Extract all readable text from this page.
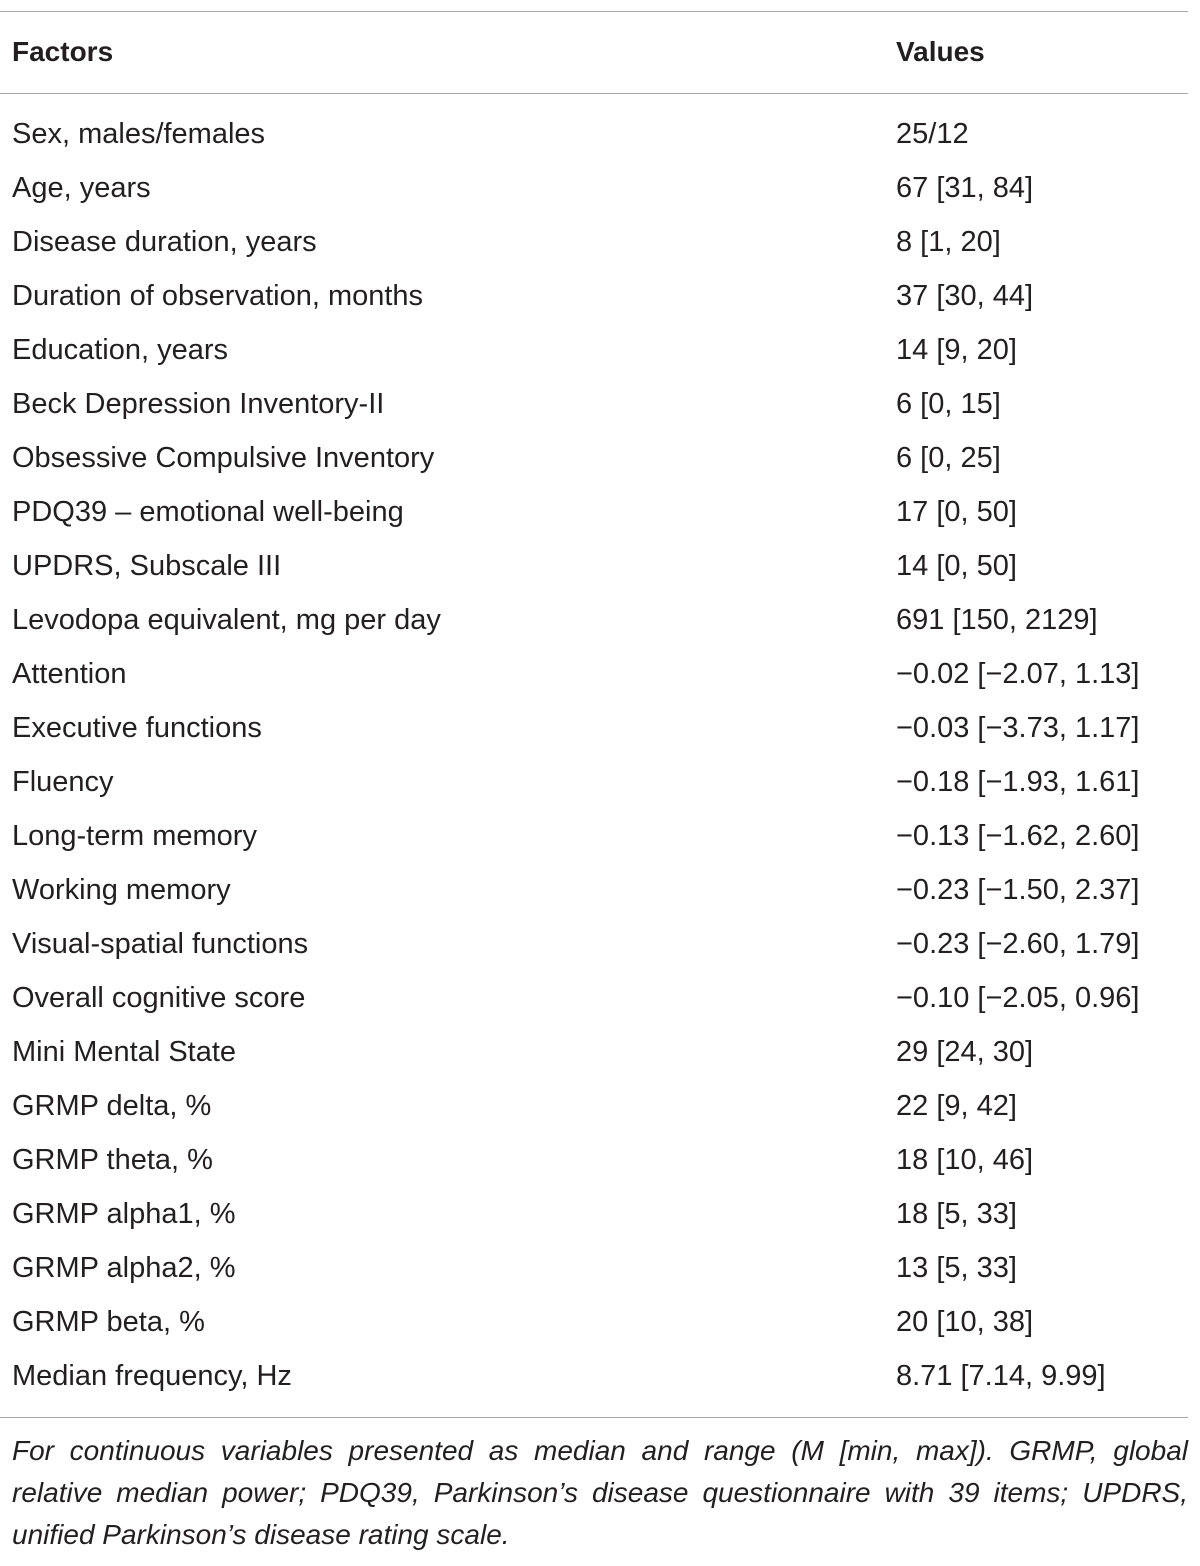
Factors	Values
Sex, males/females	25/12
Age, years	67 [31, 84]
Disease duration, years	8 [1, 20]
Duration of observation, months	37 [30, 44]
Education, years	14 [9, 20]
Beck Depression Inventory-II	6 [0, 15]
Obsessive Compulsive Inventory	6 [0, 25]
PDQ39 – emotional well-being	17 [0, 50]
UPDRS, Subscale III	14 [0, 50]
Levodopa equivalent, mg per day	691 [150, 2129]
Attention	−0.02 [−2.07, 1.13]
Executive functions	−0.03 [−3.73, 1.17]
Fluency	−0.18 [−1.93, 1.61]
Long-term memory	−0.13 [−1.62, 2.60]
Working memory	−0.23 [−1.50, 2.37]
Visual-spatial functions	−0.23 [−2.60, 1.79]
Overall cognitive score	−0.10 [−2.05, 0.96]
Mini Mental State	29 [24, 30]
GRMP delta, %	22 [9, 42]
GRMP theta, %	18 [10, 46]
GRMP alpha1, %	18 [5, 33]
GRMP alpha2, %	13 [5, 33]
GRMP beta, %	20 [10, 38]
Median frequency, Hz	8.71 [7.14, 9.99]
For continuous variables presented as median and range (M [min, max]). GRMP, global relative median power; PDQ39, Parkinson’s disease questionnaire with 39 items; UPDRS, unified Parkinson’s disease rating scale.
